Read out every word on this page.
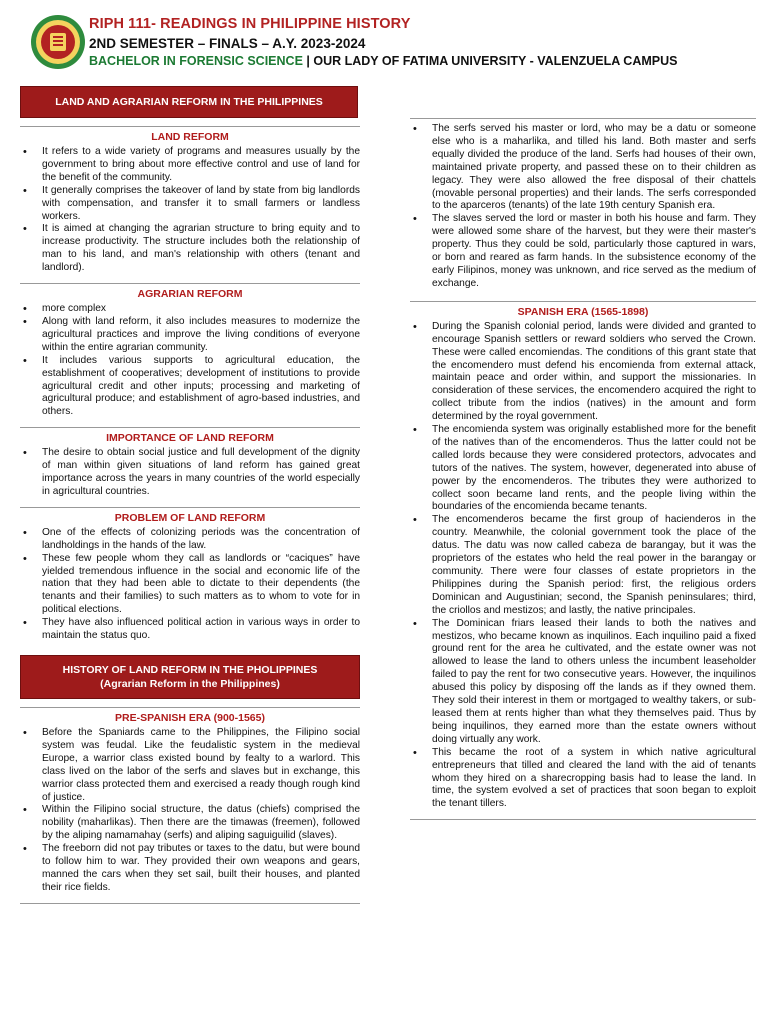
RIPH 111- READINGS IN PHILIPPINE HISTORY
2ND SEMESTER – FINALS – A.Y. 2023-2024
BACHELOR IN FORENSIC SCIENCE | OUR LADY OF FATIMA UNIVERSITY - VALENZUELA CAMPUS
LAND AND AGRARIAN REFORM IN THE PHILIPPINES
LAND REFORM
• It refers to a wide variety of programs and measures usually by the government to bring about more effective control and use of land for the benefit of the community.
• It generally comprises the takeover of land by state from big landlords with compensation, and transfer it to small farmers or landless workers.
• It is aimed at changing the agrarian structure to bring equity and to increase productivity. The structure includes both the relationship of man to his land, and man's relationship with others (tenant and landlord).
AGRARIAN REFORM
• more complex
• Along with land reform, it also includes measures to modernize the agricultural practices and improve the living conditions of everyone within the entire agrarian community.
• It includes various supports to agricultural education, the establishment of cooperatives; development of institutions to provide agricultural credit and other inputs; processing and marketing of agricultural produce; and establishment of agro-based industries, and others.
IMPORTANCE OF LAND REFORM
• The desire to obtain social justice and full development of the dignity of man within given situations of land reform has gained great importance across the years in many countries of the world especially in agricultural countries.
PROBLEM OF LAND REFORM
• One of the effects of colonizing periods was the concentration of landholdings in the hands of the law.
• These few people whom they call as landlords or “caciques” have yielded tremendous influence in the social and economic life of the nation that they had been able to dictate to their dependents (the tenants and their families) to such matters as to whom to vote for in political elections.
• They have also influenced political action in various ways in order to maintain the status quo.
HISTORY OF LAND REFORM IN THE PHOLIPPINES
(Agrarian Reform in the Philippines)
PRE-SPANISH ERA (900-1565)
• Before the Spaniards came to the Philippines, the Filipino social system was feudal. Like the feudalistic system in the medieval Europe, a warrior class existed bound by fealty to a warlord. This class lived on the labor of the serfs and slaves but in exchange, this warrior class protected them and exercised a ready though rough kind of justice.
• Within the Filipino social structure, the datus (chiefs) comprised the nobility (maharlikas). Then there are the timawas (freemen), followed by the aliping namamahay (serfs) and aliping saguiguilid (slaves).
• The freeborn did not pay tributes or taxes to the datu, but were bound to follow him to war. They provided their own weapons and gears, manned the cars when they set sail, built their houses, and planted their rice fields.
• The serfs served his master or lord, who may be a datu or someone else who is a maharlika, and tilled his land. Both master and serfs equally divided the produce of the land. Serfs had houses of their own, maintained private property, and passed these on to their children as legacy. They were also allowed the free disposal of their chattels (movable personal properties) and their lands. The serfs corresponded to the aparceros (tenants) of the late 19th century Spanish era.
• The slaves served the lord or master in both his house and farm. They were allowed some share of the harvest, but they were their master's property. Thus they could be sold, particularly those captured in wars, or born and reared as farm hands. In the subsistence economy of the early Filipinos, money was unknown, and rice served as the medium of exchange.
SPANISH ERA (1565-1898)
• During the Spanish colonial period, lands were divided and granted to encourage Spanish settlers or reward soldiers who served the Crown. These were called encomiendas. The conditions of this grant state that the encomendero must defend his encomienda from external attack, maintain peace and order within, and support the missionaries. In consideration of these services, the encomendero acquired the right to collect tribute from the indios (natives) in the amount and form determined by the royal government.
• The encomienda system was originally established more for the benefit of the natives than of the encomenderos. Thus the latter could not be called lords because they were considered protectors, advocates and tutors of the natives. The system, however, degenerated into abuse of power by the encomenderos. The tributes they were authorized to collect soon became land rents, and the people living within the boundaries of the encomienda became tenants.
• The encomenderos became the first group of hacienderos in the country. Meanwhile, the colonial government took the place of the datus. The datu was now called cabeza de barangay, but it was the proprietors of the estates who held the real power in the barangay or community. There were four classes of estate proprietors in the Philippines during the Spanish period: first, the religious orders Dominican and Augustinian; second, the Spanish peninsulares; third, the criollos and mestizos; and lastly, the native principales.
• The Dominican friars leased their lands to both the natives and mestizos, who became known as inquilinos. Each inquilino paid a fixed ground rent for the area he cultivated, and the estate owner was not allowed to lease the land to others unless the incumbent leaseholder failed to pay the rent for two consecutive years. However, the inquilinos abused this policy by disposing off the lands as if they owned them. They sold their interest in them or mortgaged to wealthy takers, or sub-leased them at rents higher than what they themselves paid. Thus by being inquilinos, they earned more than the estate owners without doing virtually any work.
• This became the root of a system in which native agricultural entrepreneurs that tilled and cleared the land with the aid of tenants whom they hired on a sharecropping basis had to lease the land. In time, the system evolved a set of practices that soon began to exploit the tenant tillers.
